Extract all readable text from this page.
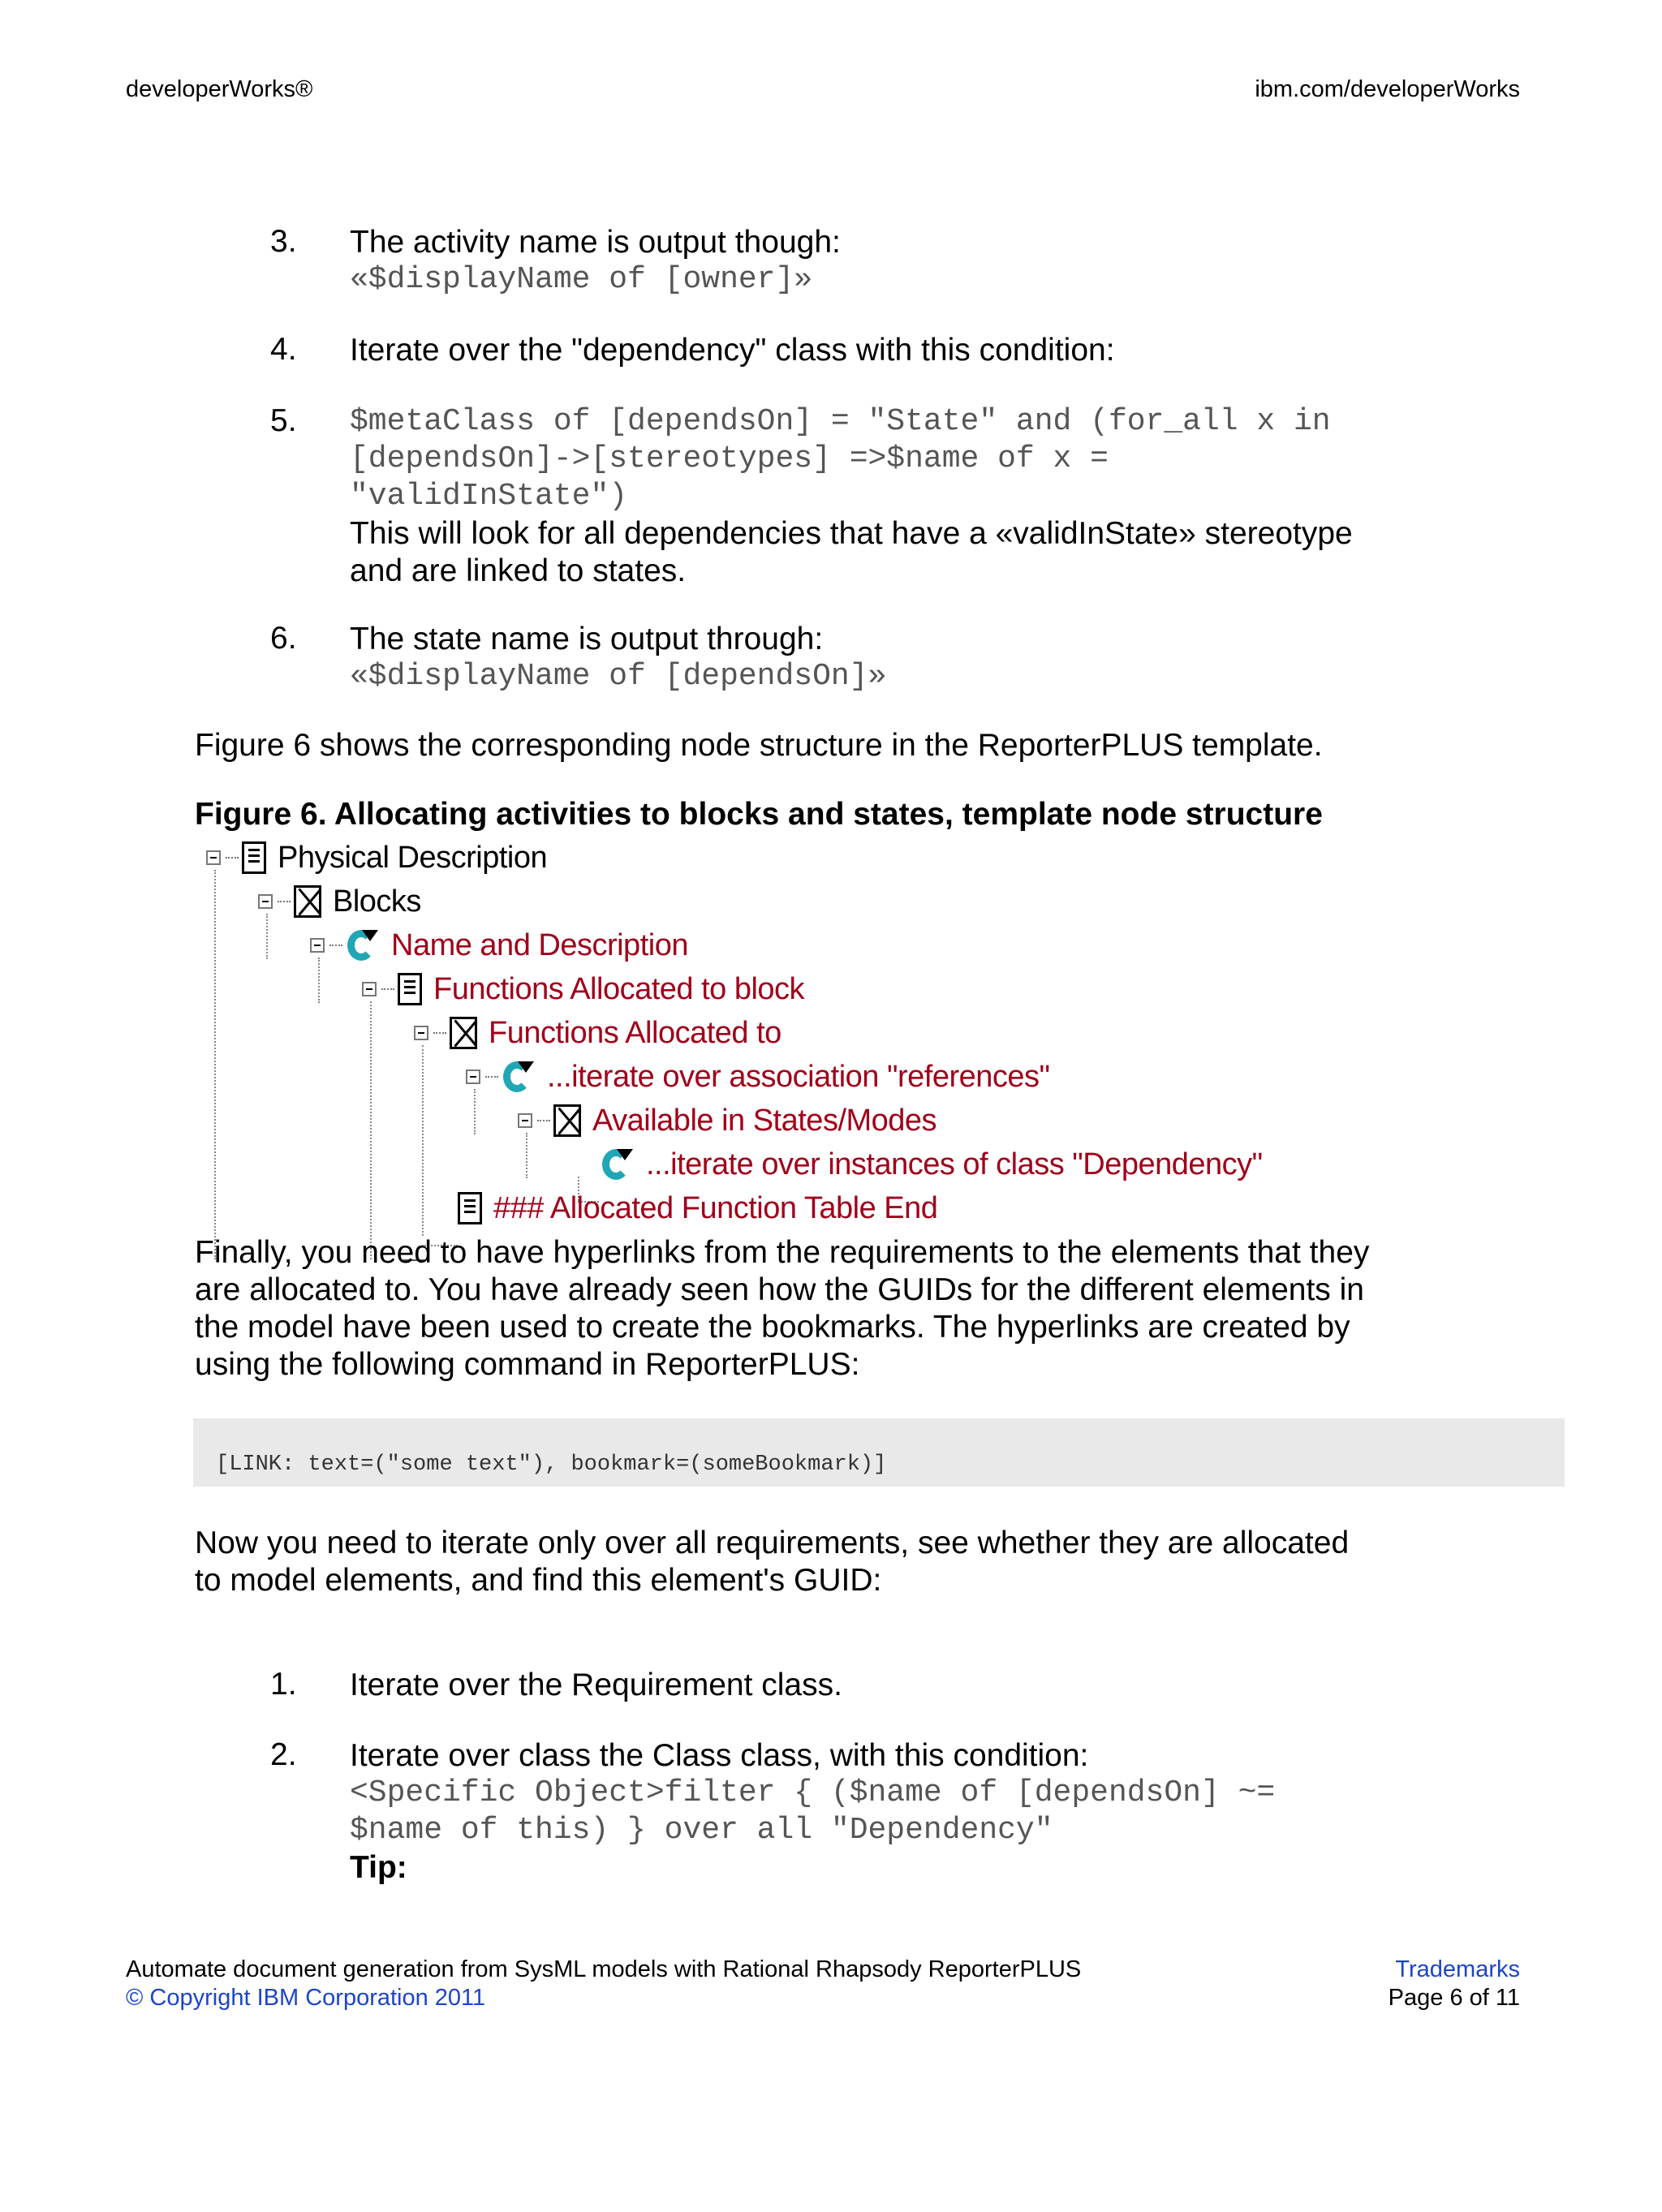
developerWorks®	ibm.com/developerWorks
3. The activity name is output though:
«$displayName of [owner]»
4. Iterate over the "dependency" class with this condition:
5. $metaClass of [dependsOn] = "State" and (for_all x in
[dependsOn]->[stereotypes] =>$name of x =
"validInState")
This will look for all dependencies that have a «validInState» stereotype
and are linked to states.
6. The state name is output through:
«$displayName of [dependsOn]»
Figure 6 shows the corresponding node structure in the ReporterPLUS template.
Figure 6. Allocating activities to blocks and states, template node structure
Physical Description
Blocks
Name and Description
Functions Allocated to block
Functions Allocated to
...iterate over association "references"
Available in States/Modes
...iterate over instances of class "Dependency"
### Allocated Function Table End
Finally, you need to have hyperlinks from the requirements to the elements that they
are allocated to. You have already seen how the GUIDs for the different elements in
the model have been used to create the bookmarks. The hyperlinks are created by
using the following command in ReporterPLUS:
[LINK: text=("some text"), bookmark=(someBookmark)]
Now you need to iterate only over all requirements, see whether they are allocated
to model elements, and find this element's GUID:
1. Iterate over the Requirement class.
2. Iterate over class the Class class, with this condition:
<Specific Object>filter { ($name of [dependsOn] ~=
$name of this) } over all "Dependency"
Tip:
Automate document generation from SysML models with Rational Rhapsody ReporterPLUS
© Copyright IBM Corporation 2011
Trademarks
Page 6 of 11
